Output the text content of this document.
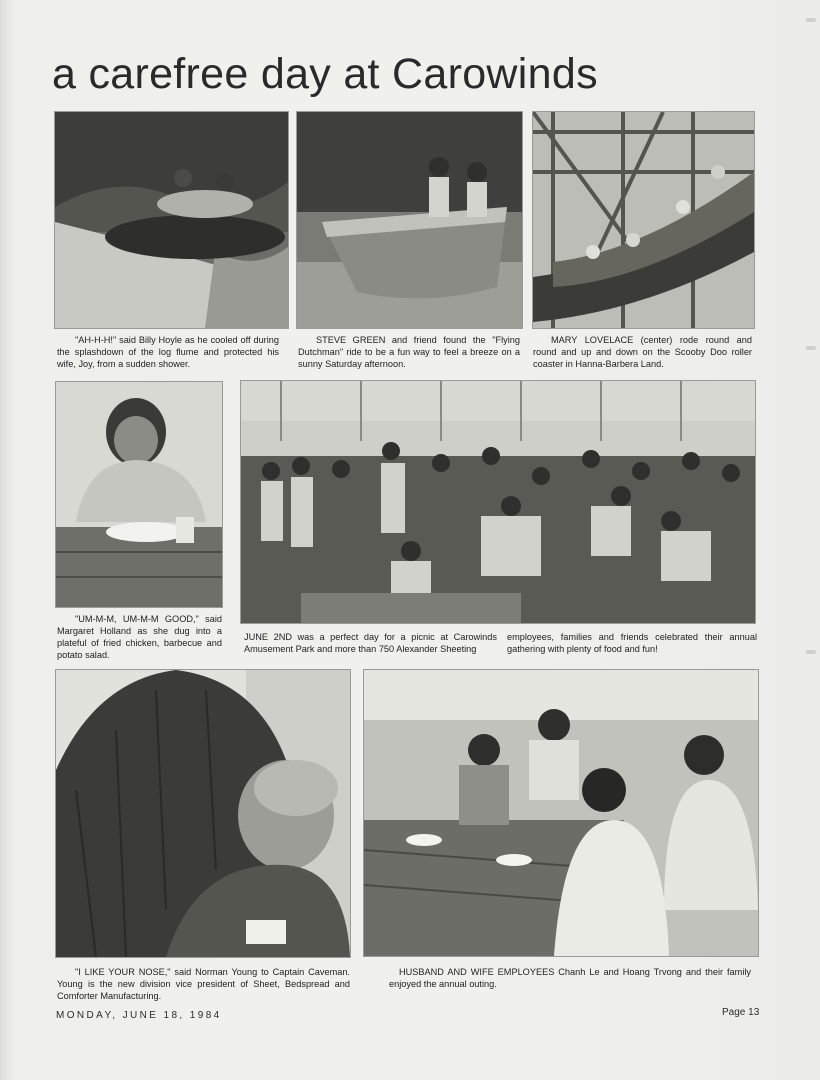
a carefree day at Carowinds

"AH-H-H!" said Billy Hoyle as he cooled off during the splashdown of the log flume and protected his wife, Joy, from a sudden shower.

STEVE GREEN and friend found the "Flying Dutchman" ride to be a fun way to feel a breeze on a sunny Saturday afternoon.

MARY LOVELACE (center) rode round and round and up and down on the Scooby Doo roller coaster in Hanna-Barbera Land.

"UM-M-M, UM-M-M GOOD," said Margaret Holland as she dug into a plateful of fried chicken, barbecue and potato salad.

JUNE 2ND was a perfect day for a picnic at Carowinds Amusement Park and more than 750 Alexander Sheeting

employees, families and friends celebrated their annual gathering with plenty of food and fun!

"I LIKE YOUR NOSE," said Norman Young to Captain Caveman. Young is the new division vice president of Sheet, Bedspread and Comforter Manufacturing.

HUSBAND AND WIFE EMPLOYEES Chanh Le and Hoang Trvong and their family enjoyed the annual outing.

MONDAY, JUNE 18, 1984	Page 13
